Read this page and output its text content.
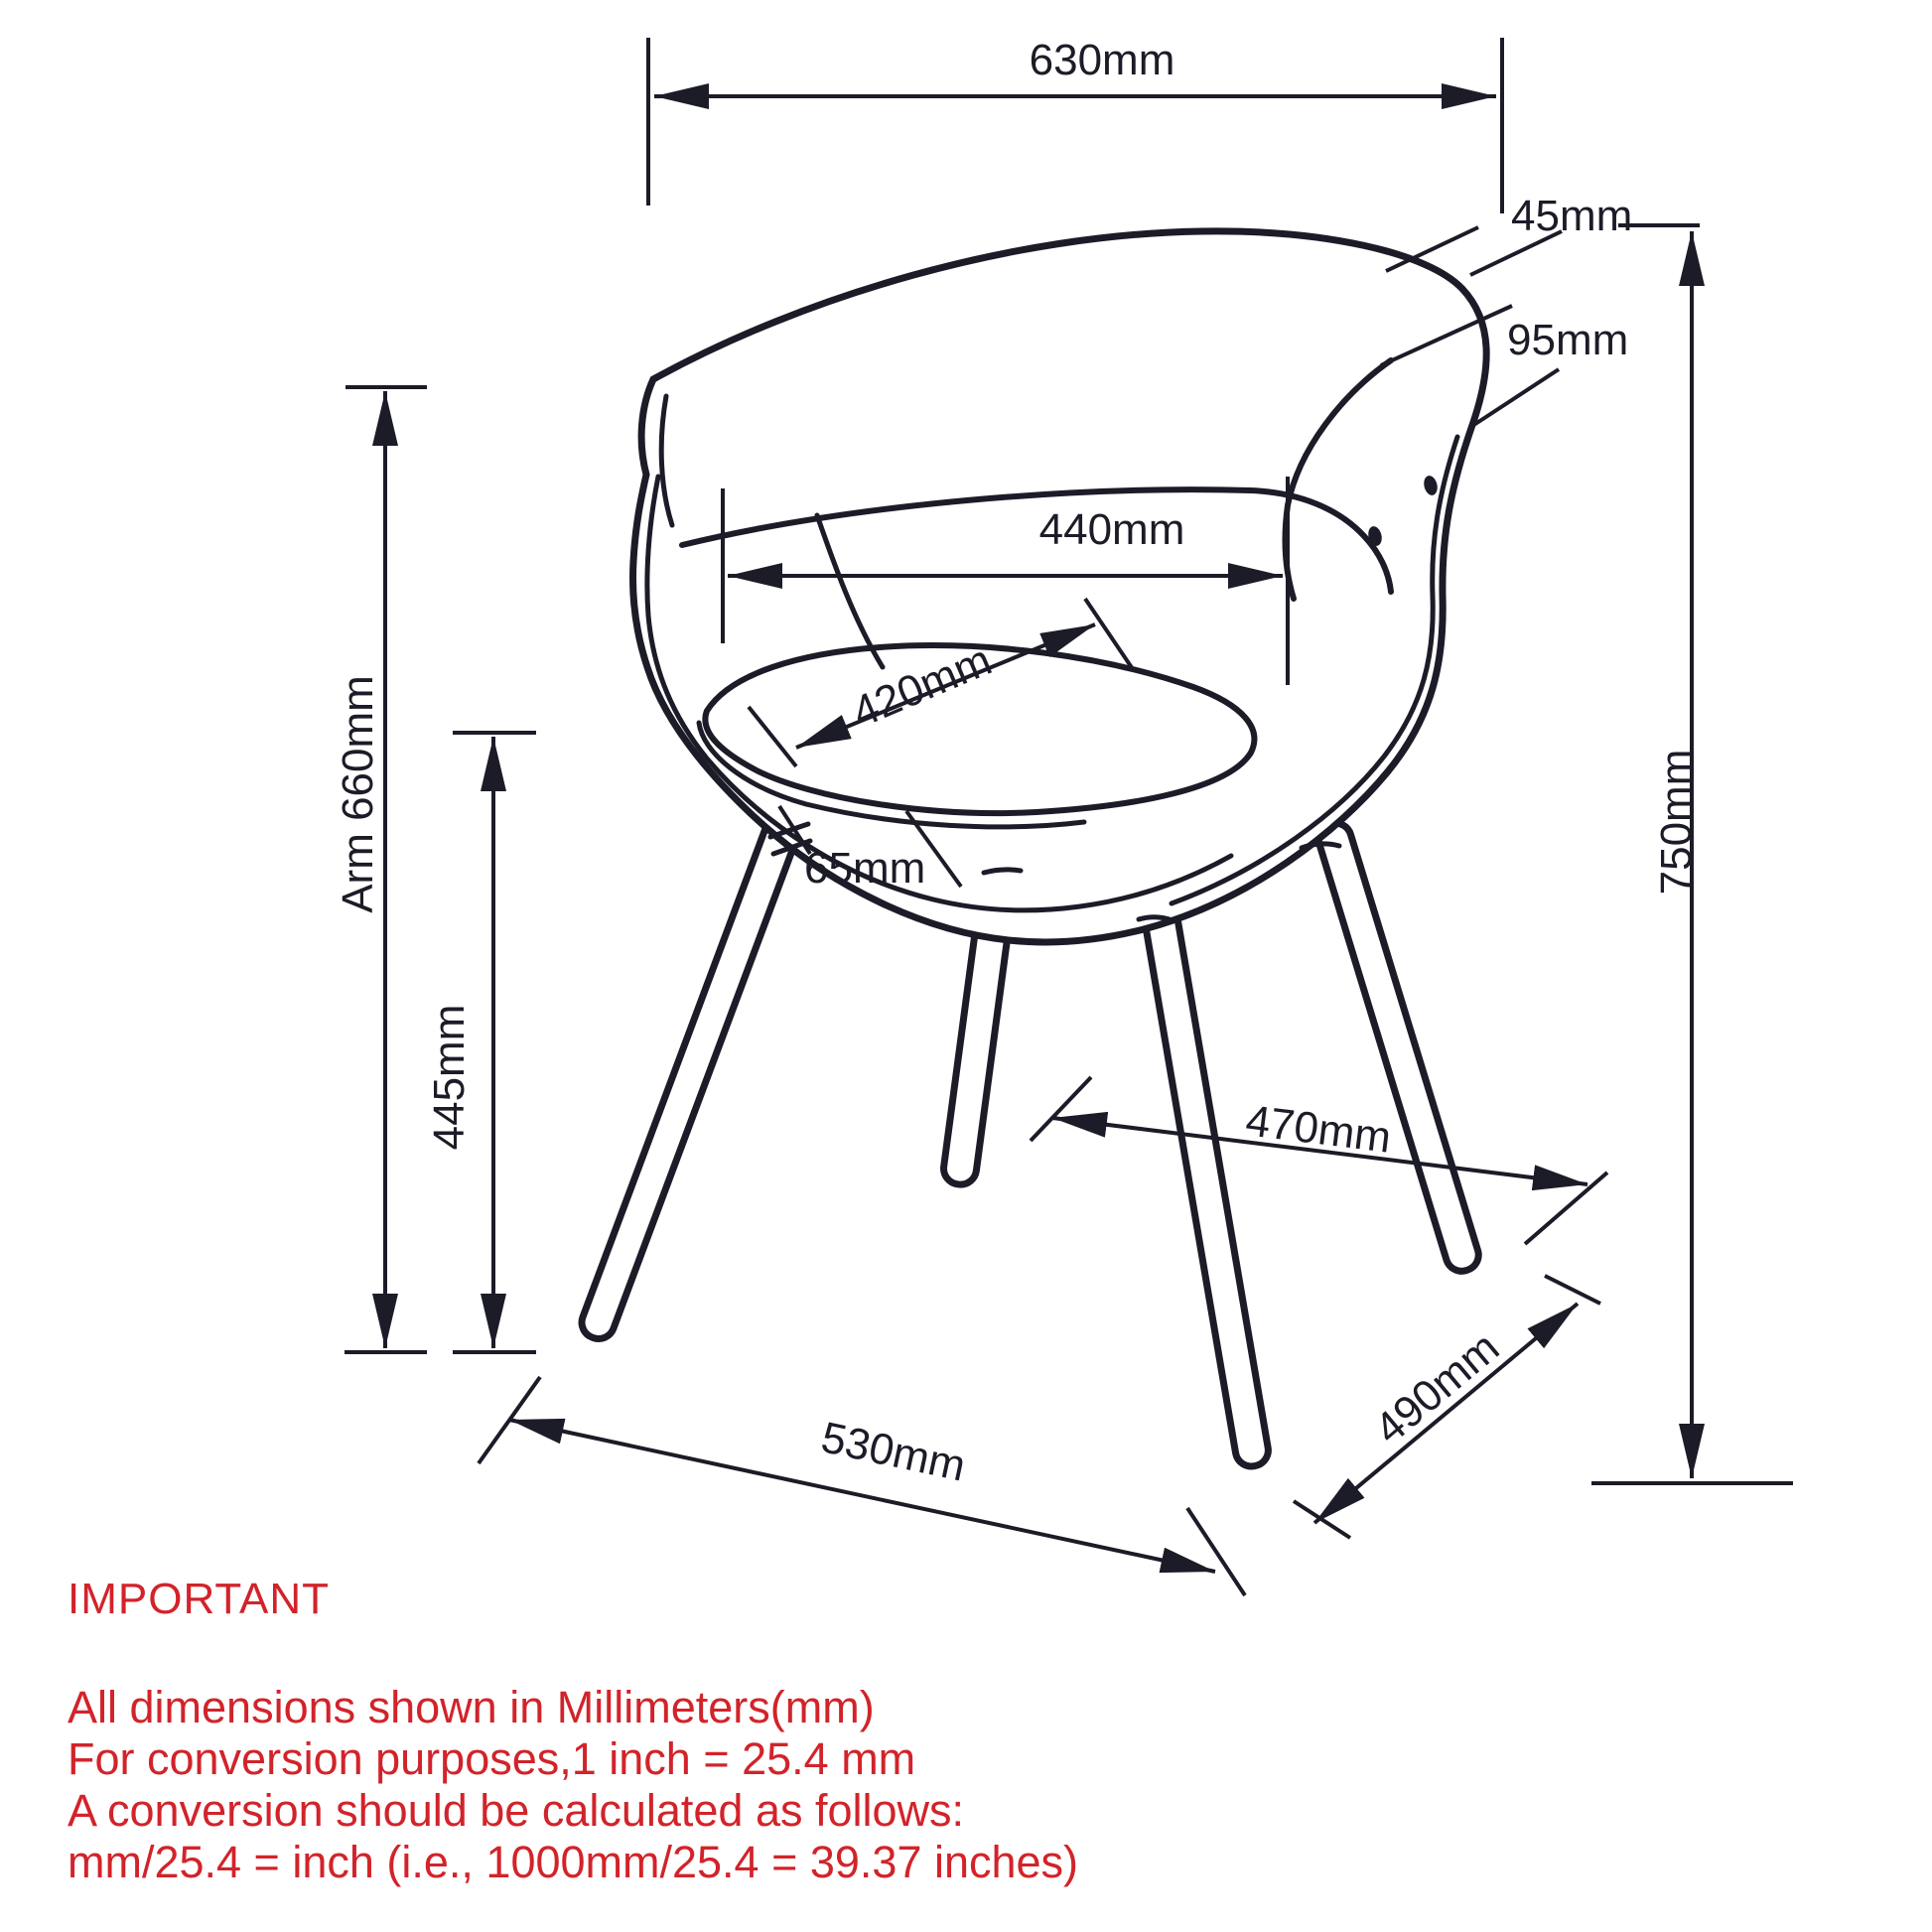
630mm
45mm
95mm
440mm
420mm
65mm
Arm 660mm
445mm	470mm
750mm
530mm	490mm
IMPORTANT
All dimensions shown in Millimeters(mm)
For conversion purposes,1 inch = 25.4 mm
A conversion should be calculated as follows:
mm/25.4 = inch (i.e., 1000mm/25.4 = 39.37 inches)
